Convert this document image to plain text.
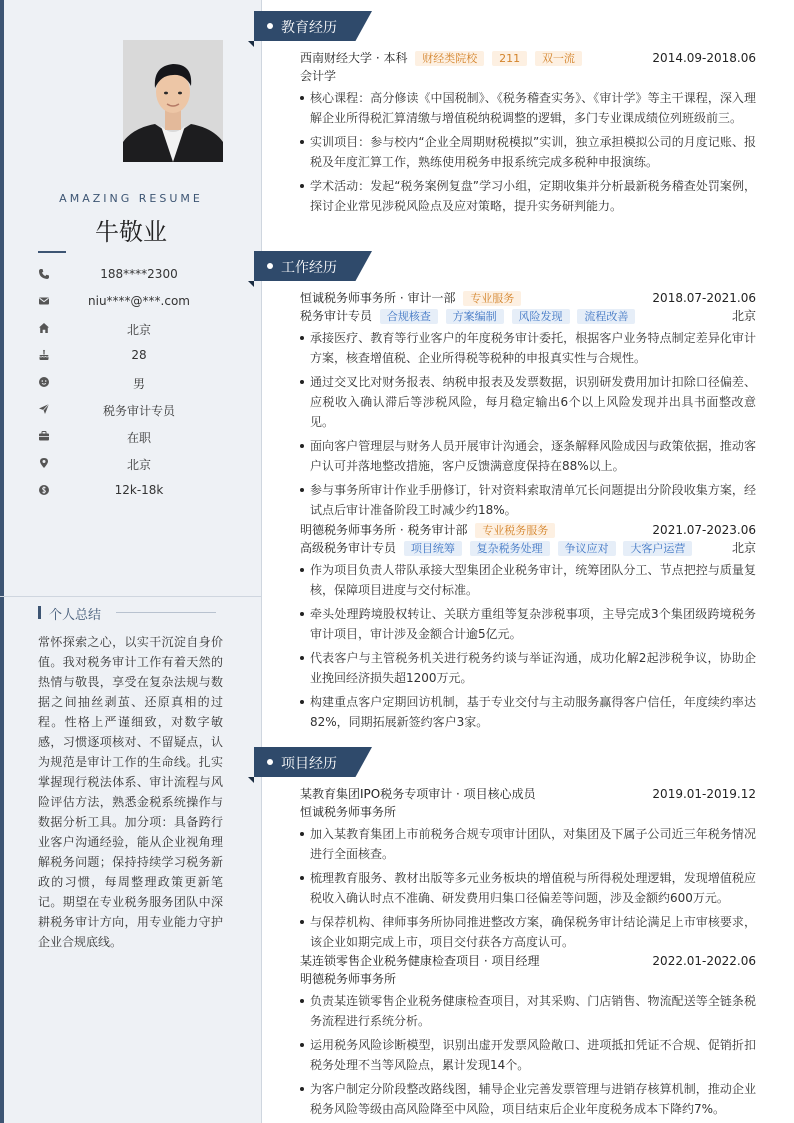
AMAZING RESUME
牛敬业
188****2300
niu****@***.com
北京
28
男
税务审计专员
在职
北京
12k-18k
个人总结
常怀探索之心，以实干沉淀自身价值。我对税务审计工作有着天然的热情与敬畏，享受在复杂法规与数据之间抽丝剥茧、还原真相的过程。性格上严谨细致，对数字敏感，习惯逐项核对、不留疑点，认为规范是审计工作的生命线。扎实掌握现行税法体系、审计流程与风险评估方法，熟悉金税系统操作与数据分析工具。加分项：具备跨行业客户沟通经验，能从企业视角理解税务问题；保持持续学习税务新政的习惯，每周整理政策更新笔记。期望在专业税务服务团队中深耕税务审计方向，用专业能力守护企业合规底线。
教育经历
西南财经大学 · 本科 财经类院校 211 双一流	2014.09-2018.06
会计学
核心课程：高分修读《中国税制》、《税务稽查实务》、《审计学》等主干课程，深入理解企业所得税汇算清缴与增值税纳税调整的逻辑，多门专业课成绩位列班级前三。
实训项目：参与校内“企业全周期财税模拟”实训，独立承担模拟公司的月度记账、报税及年度汇算工作，熟练使用税务申报系统完成多税种申报演练。
学术活动：发起“税务案例复盘”学习小组，定期收集并分析最新税务稽查处罚案例，探讨企业常见涉税风险点及应对策略，提升实务研判能力。
工作经历
恒诚税务师事务所 · 审计一部 专业服务	2018.07-2021.06
税务审计专员 合规核查 方案编制 风险发现 流程改善	北京
承接医疗、教育等行业客户的年度税务审计委托，根据客户业务特点制定差异化审计方案，核查增值税、企业所得税等税种的申报真实性与合规性。
通过交叉比对财务报表、纳税申报表及发票数据，识别研发费用加计扣除口径偏差、应税收入确认滞后等涉税风险，每月稳定输出6个以上风险发现并出具书面整改意见。
面向客户管理层与财务人员开展审计沟通会，逐条解释风险成因与政策依据，推动客户认可并落地整改措施，客户反馈满意度保持在88%以上。
参与事务所审计作业手册修订，针对资料索取清单冗长问题提出分阶段收集方案，经试点后审计准备阶段工时减少约18%。
明德税务师事务所 · 税务审计部 专业税务服务	2021.07-2023.06
高级税务审计专员 项目统筹 复杂税务处理 争议应对 大客户运营	北京
作为项目负责人带队承接大型集团企业税务审计，统筹团队分工、节点把控与质量复核，保障项目进度与交付标准。
牵头处理跨境股权转让、关联方重组等复杂涉税事项，主导完成3个集团级跨境税务审计项目，审计涉及金额合计逾5亿元。
代表客户与主管税务机关进行税务约谈与举证沟通，成功化解2起涉税争议，协助企业挽回经济损失超1200万元。
构建重点客户定期回访机制，基于专业交付与主动服务赢得客户信任，年度续约率达82%，同期拓展新签约客户3家。
项目经历
某教育集团IPO税务专项审计 · 项目核心成员	2019.01-2019.12
恒诚税务师事务所
加入某教育集团上市前税务合规专项审计团队，对集团及下属子公司近三年税务情况进行全面核查。
梳理教育服务、教材出版等多元业务板块的增值税与所得税处理逻辑，发现增值税应税收入确认时点不准确、研发费用归集口径偏差等问题，涉及金额约600万元。
与保荐机构、律师事务所协同推进整改方案，确保税务审计结论满足上市审核要求，该企业如期完成上市，项目交付获各方高度认可。
某连锁零售企业税务健康检查项目 · 项目经理	2022.01-2022.06
明德税务师事务所
负责某连锁零售企业税务健康检查项目，对其采购、门店销售、物流配送等全链条税务流程进行系统分析。
运用税务风险诊断模型，识别出虚开发票风险敞口、进项抵扣凭证不合规、促销折扣税务处理不当等风险点，累计发现14个。
为客户制定分阶段整改路线图，辅导企业完善发票管理与进销存核算机制，推动企业税务风险等级由高风险降至中风险，项目结束后企业年度税务成本下降约7%。
